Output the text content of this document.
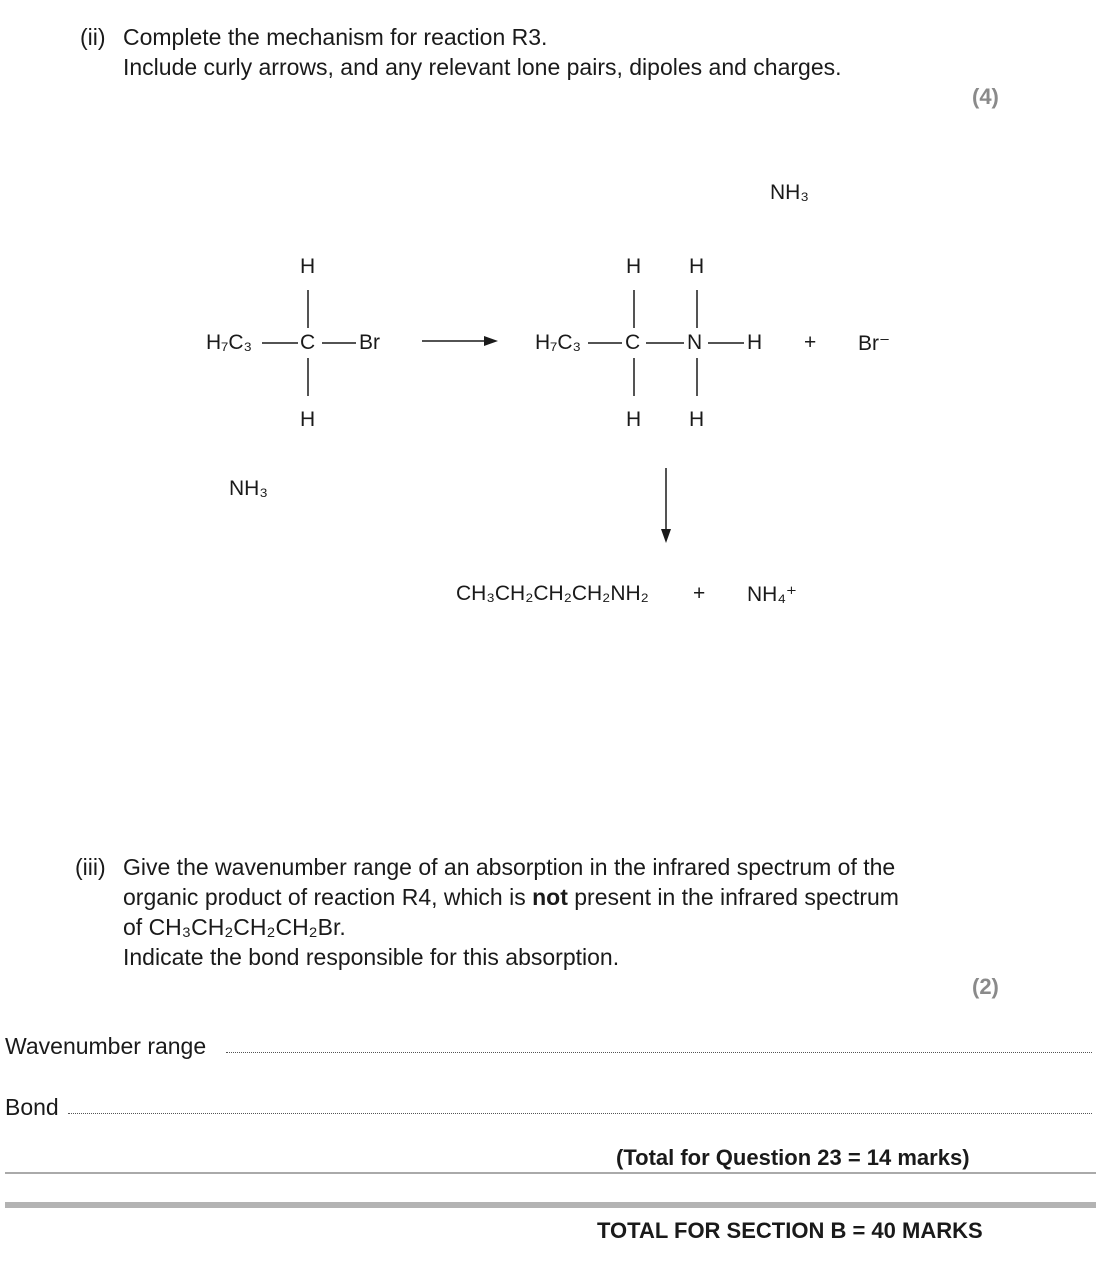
(ii) Complete the mechanism for reaction R3.
Include curly arrows, and any relevant lone pairs, dipoles and charges.
(4)
NH₃
H
H₇C₃ C Br
H
H H
H₇C₃ C N H + Br⁻
H H
NH₃
CH₃CH₂CH₂CH₂NH₂ + NH₄⁺
(iii) Give the wavenumber range of an absorption in the infrared spectrum of the
organic product of reaction R4, which is not present in the infrared spectrum
of CH₃CH₂CH₂CH₂Br.
Indicate the bond responsible for this absorption.
(2)
Wavenumber range
Bond
(Total for Question 23 = 14 marks)
TOTAL FOR SECTION B = 40 MARKS
